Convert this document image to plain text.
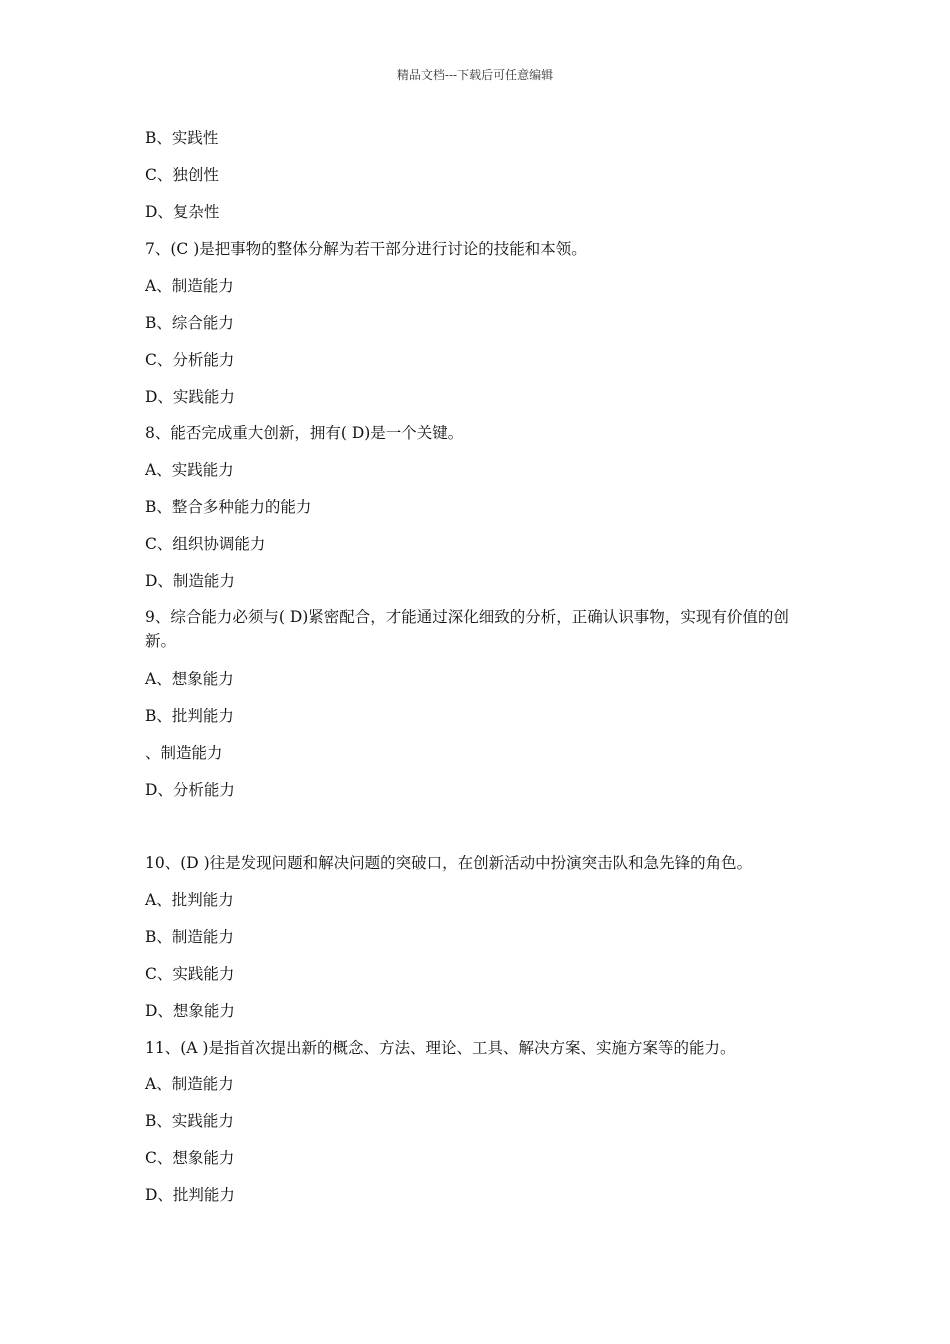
精品文档---下载后可任意编辑
B、实践性
C、独创性
D、复杂性
7、(C )是把事物的整体分解为若干部分进行讨论的技能和本领。
A、制造能力
B、综合能力
C、分析能力
D、实践能力
8、能否完成重大创新，拥有( D)是一个关键。
A、实践能力
B、整合多种能力的能力
C、组织协调能力
D、制造能力
9、综合能力必须与( D)紧密配合，才能通过深化细致的分析，正确认识事物，实现有价值的创新。
A、想象能力
B、批判能力
、制造能力
D、分析能力
10、(D )往是发现问题和解决问题的突破口，在创新活动中扮演突击队和急先锋的角色。
A、批判能力
B、制造能力
C、实践能力
D、想象能力
11、(A )是指首次提出新的概念、方法、理论、工具、解决方案、实施方案等的能力。
A、制造能力
B、实践能力
C、想象能力
D、批判能力
